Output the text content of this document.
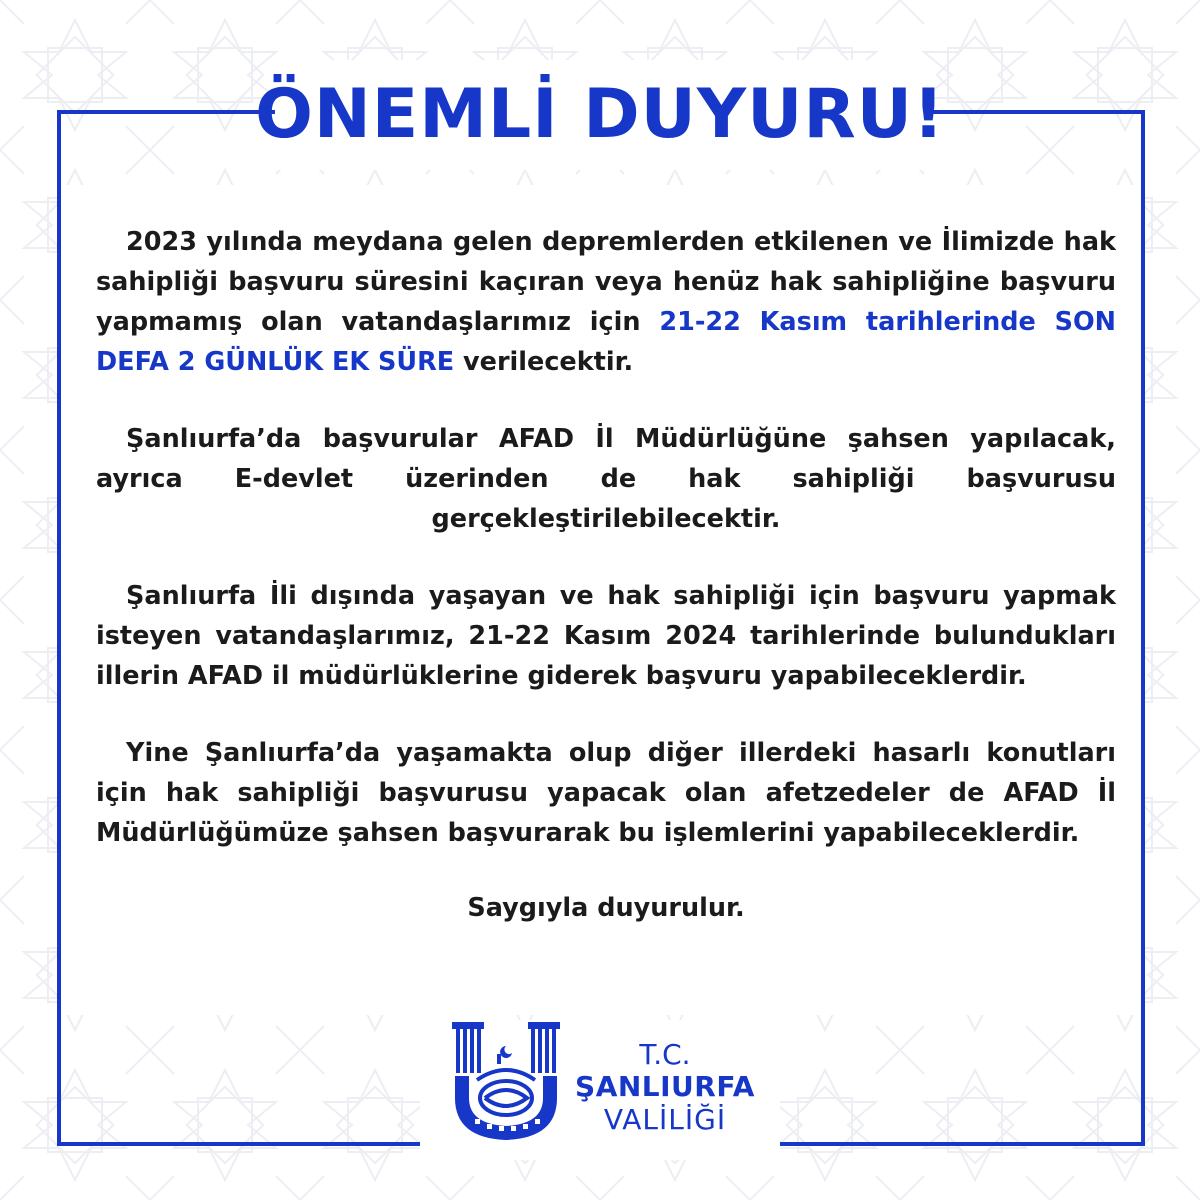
ÖNEMLİ DUYURU!

2023 yılında meydana gelen depremlerden etkilenen ve İlimizde hak sahipliği başvuru süresini kaçıran veya henüz hak sahipliğine başvuru yapmamış olan vatandaşlarımız için 21-22 Kasım tarihlerinde SON DEFA 2 GÜNLÜK EK SÜRE verilecektir.

Şanlıurfa’da başvurular AFAD İl Müdürlüğüne şahsen yapılacak, ayrıca E-devlet üzerinden de hak sahipliği başvurusu gerçekleştirilebilecektir.

Şanlıurfa İli dışında yaşayan ve hak sahipliği için başvuru yapmak isteyen vatandaşlarımız, 21-22 Kasım 2024 tarihlerinde bulundukları illerin AFAD il müdürlüklerine giderek başvuru yapabileceklerdir.

Yine Şanlıurfa’da yaşamakta olup diğer illerdeki hasarlı konutları için hak sahipliği başvurusu yapacak olan afetzedeler de AFAD İl Müdürlüğümüze şahsen başvurarak bu işlemlerini yapabileceklerdir.

Saygıyla duyurulur.
T.C.
ŞANLIURFA
VALİLİĞİ
